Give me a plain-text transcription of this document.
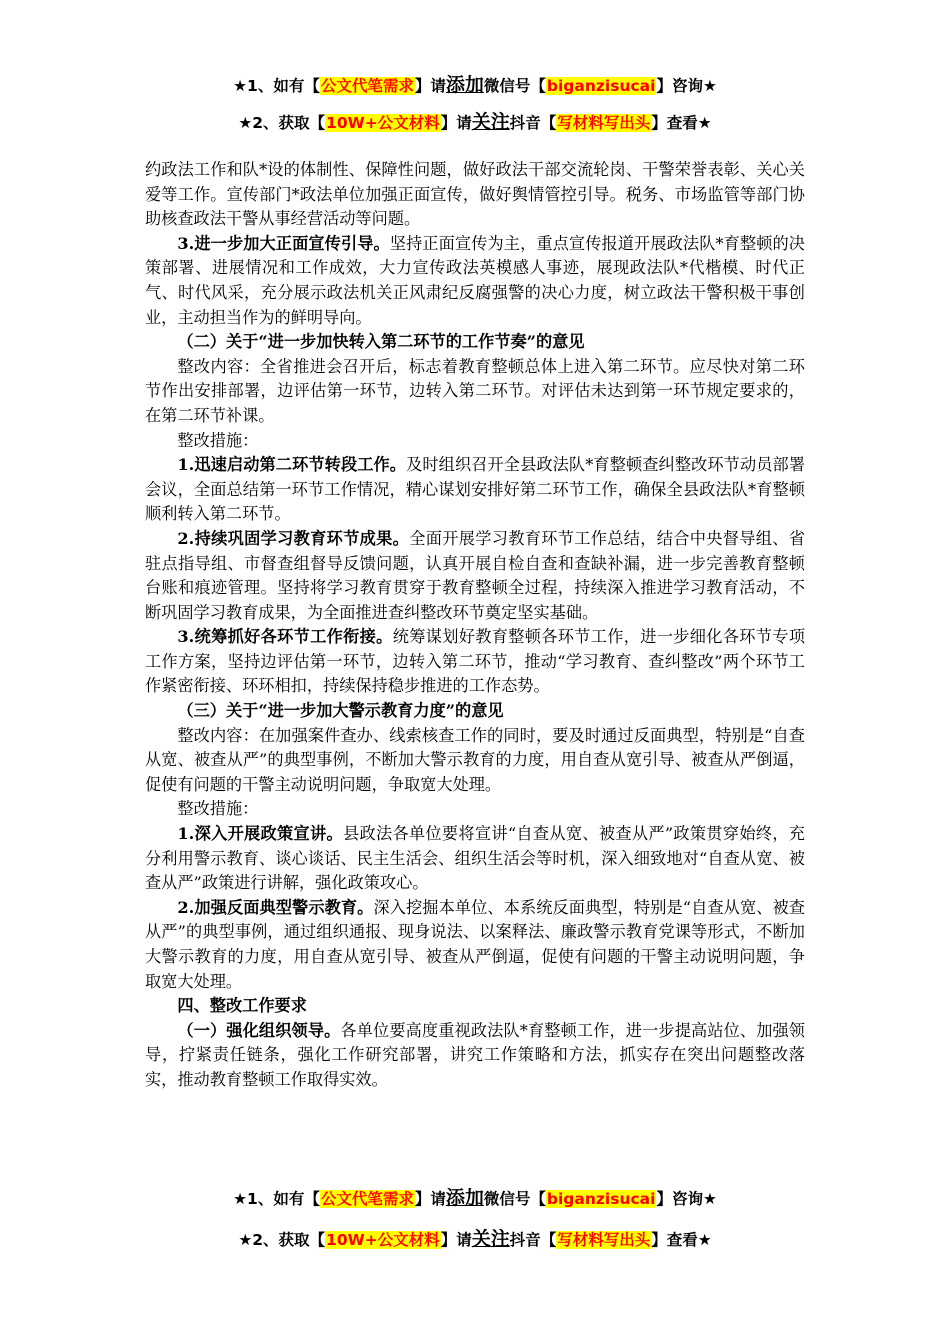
★1、如有【公文代笔需求】请添加微信号【biganzisucai】咨询★
★2、获取【10W+公文材料】请关注抖音【写材料写出头】查看★

约政法工作和队*设的体制性、保障性问题，做好政法干部交流轮岗、干警荣誉表彰、关心关爱等工作。宣传部门*政法单位加强正面宣传，做好舆情管控引导。税务、市场监管等部门协助核查政法干警从事经营活动等问题。

3.进一步加大正面宣传引导。坚持正面宣传为主，重点宣传报道开展政法队*育整顿的决策部署、进展情况和工作成效，大力宣传政法英模感人事迹，展现政法队*代楷模、时代正气、时代风采，充分展示政法机关正风肃纪反腐强警的决心力度，树立政法干警积极干事创业，主动担当作为的鲜明导向。

（二）关于“进一步加快转入第二环节的工作节奏”的意见

整改内容：全省推进会召开后，标志着教育整顿总体上进入第二环节。应尽快对第二环节作出安排部署，边评估第一环节，边转入第二环节。对评估未达到第一环节规定要求的，在第二环节补课。

整改措施：

1.迅速启动第二环节转段工作。及时组织召开全县政法队*育整顿查纠整改环节动员部署会议，全面总结第一环节工作情况，精心谋划安排好第二环节工作，确保全县政法队*育整顿顺利转入第二环节。

2.持续巩固学习教育环节成果。全面开展学习教育环节工作总结，结合中央督导组、省驻点指导组、市督查组督导反馈问题，认真开展自检自查和查缺补漏，进一步完善教育整顿台账和痕迹管理。坚持将学习教育贯穿于教育整顿全过程，持续深入推进学习教育活动，不断巩固学习教育成果，为全面推进查纠整改环节奠定坚实基础。

3.统筹抓好各环节工作衔接。统筹谋划好教育整顿各环节工作，进一步细化各环节专项工作方案，坚持边评估第一环节，边转入第二环节，推动“学习教育、查纠整改”两个环节工作紧密衔接、环环相扣，持续保持稳步推进的工作态势。

（三）关于“进一步加大警示教育力度”的意见

整改内容：在加强案件查办、线索核查工作的同时，要及时通过反面典型，特别是“自查从宽、被查从严”的典型事例，不断加大警示教育的力度，用自查从宽引导、被查从严倒逼，促使有问题的干警主动说明问题，争取宽大处理。

整改措施：

1.深入开展政策宣讲。县政法各单位要将宣讲“自查从宽、被查从严”政策贯穿始终，充分利用警示教育、谈心谈话、民主生活会、组织生活会等时机，深入细致地对“自查从宽、被查从严”政策进行讲解，强化政策攻心。

2.加强反面典型警示教育。深入挖掘本单位、本系统反面典型，特别是“自查从宽、被查从严”的典型事例，通过组织通报、现身说法、以案释法、廉政警示教育党课等形式，不断加大警示教育的力度，用自查从宽引导、被查从严倒逼，促使有问题的干警主动说明问题，争取宽大处理。

四、整改工作要求

（一）强化组织领导。各单位要高度重视政法队*育整顿工作，进一步提高站位、加强领导，拧紧责任链条，强化工作研究部署，讲究工作策略和方法，抓实存在突出问题整改落实，推动教育整顿工作取得实效。

★1、如有【公文代笔需求】请添加微信号【biganzisucai】咨询★
★2、获取【10W+公文材料】请关注抖音【写材料写出头】查看★
